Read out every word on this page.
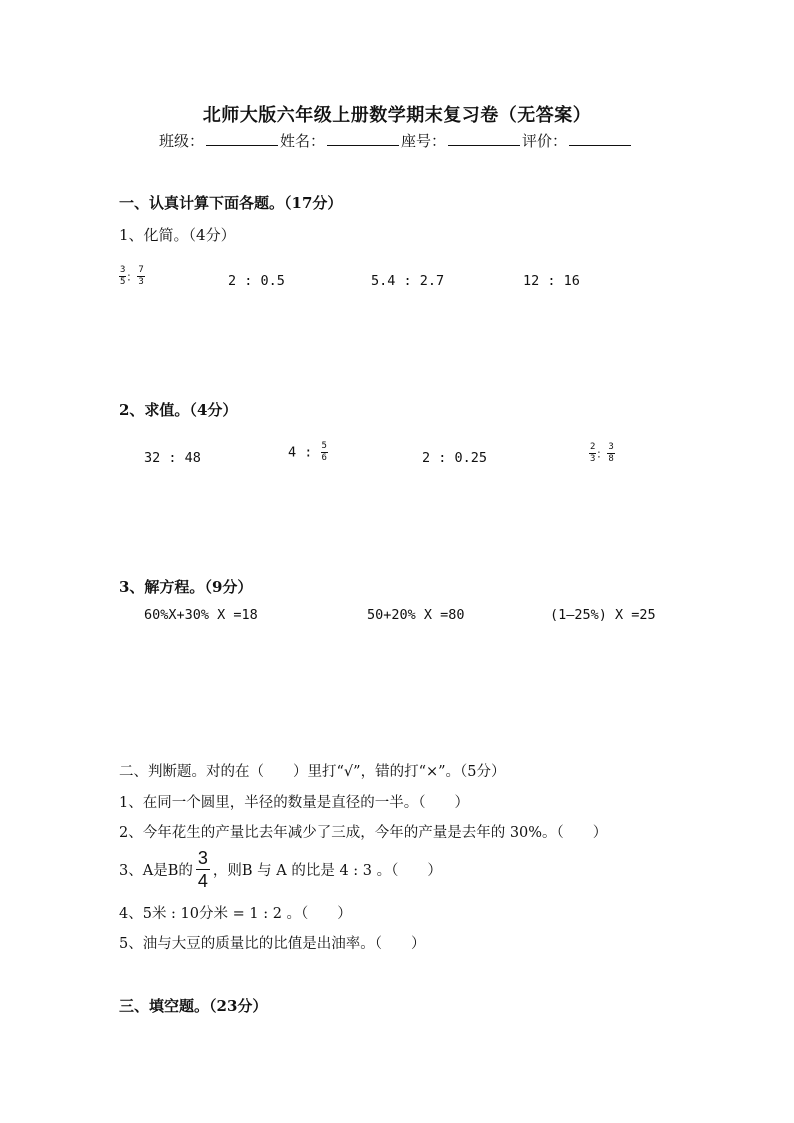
北师大版六年级上册数学期末复习卷（无答案）
班级：	姓名：	座号：	评价：
一、认真计算下面各题。（17分）
1、化简。（4分）
$\frac{3}{5}$ ： $\frac{7}{3}$	2 : 0.5	5.4 : 2.7	12 : 16
2、求值。（4分）
32 : 48	4 : $\frac{5}{6}$	2 : 0.25	$\frac{2}{3}$ ： $\frac{3}{8}$
3、解方程。（9分）
60%X+30% X =18	50+20% X =80	(1—25%) X =25
二、判断题。对的在（　　）里打“√”，错的打“×”。（5分）
1、在同一个圆里，半径的数量是直径的一半。（　　）
2、今年花生的产量比去年减少了三成，今年的产量是去年的 30%。（　　）
3、A是B的
3
4 ，则B 与 A 的比是 4 : 3 。（　　）
4、5米 : 10分米 = 1 : 2 。（　　）
5、油与大豆的质量比的比值是出油率。（　　）
三、填空题。（23分）
